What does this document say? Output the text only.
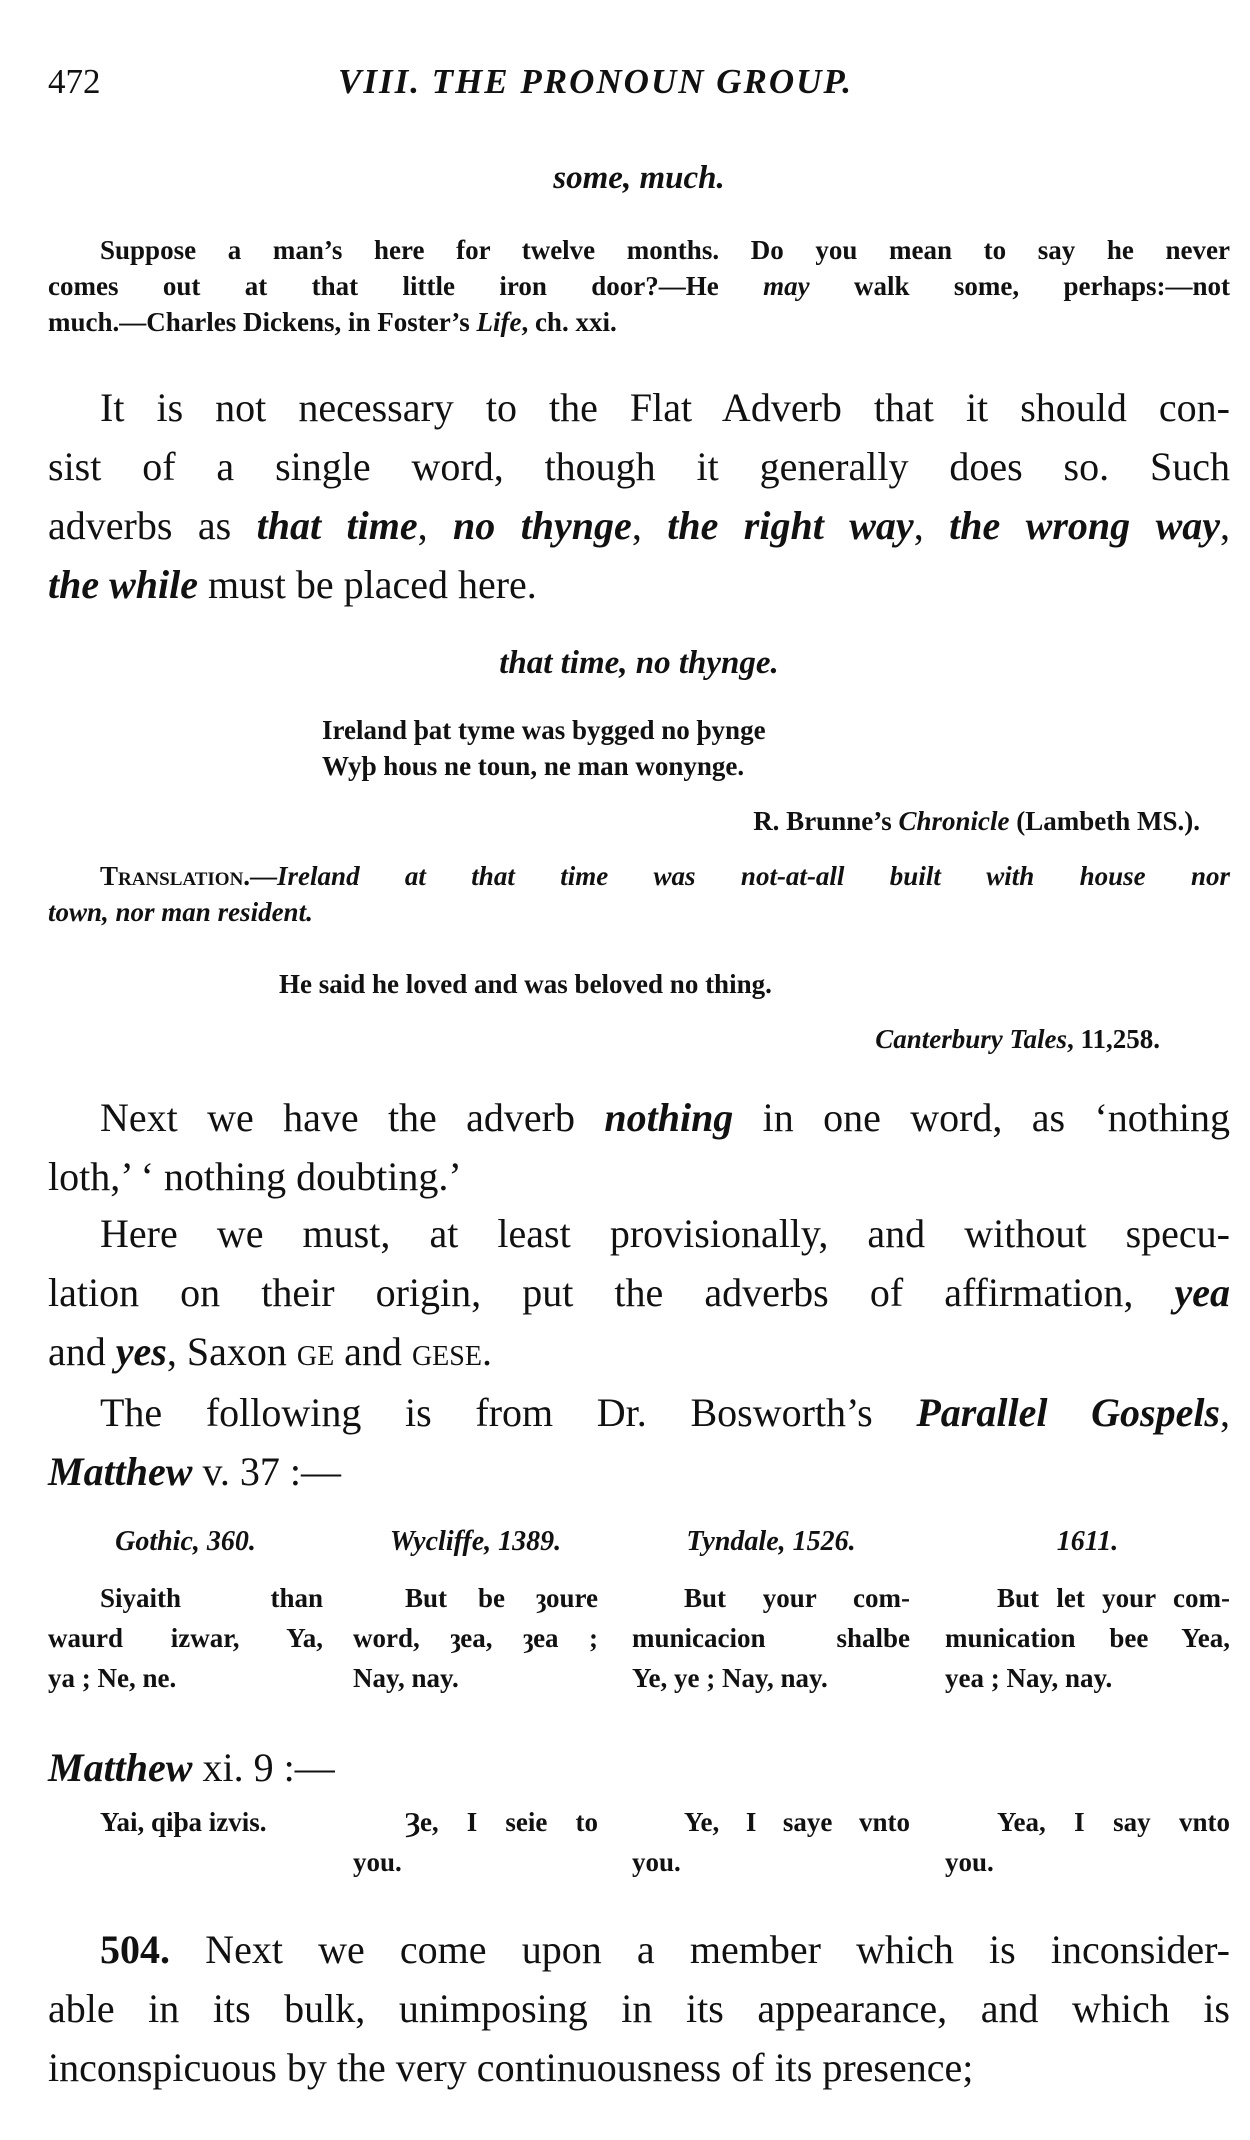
472	VIII. THE PRONOUN GROUP.
some, much.
Suppose a man’s here for twelve months. Do you mean to say he never
comes out at that little iron door?—He may walk some, perhaps:—not
much.—Charles Dickens, in Foster’s Life, ch. xxi.
It is not necessary to the Flat Adverb that it should con-
sist of a single word, though it generally does so. Such
adverbs as that time, no thynge, the right way, the wrong way,
the while must be placed here.
that time, no thynge.
Ireland þat tyme was bygged no þynge
Wyþ hous ne toun, ne man wonynge.
R. Brunne’s Chronicle (Lambeth MS.).
Translation.—Ireland at that time was not-at-all built with house nor
town, nor man resident.
He said he loved and was beloved no thing.
Canterbury Tales, 11,258.
Next we have the adverb nothing in one word, as ‘nothing
loth,’ ‘ nothing doubting.’
Here we must, at least provisionally, and without specu-
lation on their origin, put the adverbs of affirmation, yea
and yes, Saxon ge and gese.
The following is from Dr. Bosworth’s Parallel Gospels,
Matthew v. 37 :—
Gothic, 360.
Siyaith than
waurd izwar, Ya,
ya ; Ne, ne.
Wycliffe, 1389.
But be ȝoure
word, ȝea, ȝea ;
Nay, nay.
Tyndale, 1526.
But your com-
municacion shalbe
Ye, ye ; Nay, nay.
1611.
But let your com-
munication bee Yea,
yea ; Nay, nay.
Matthew xi. 9 :—
Yai, qiþa izvis.	Ȝe, I seie to
you.
Ye, I saye vnto
you.
Yea, I say vnto
you.
504. Next we come upon a member which is inconsider-
able in its bulk, unimposing in its appearance, and which is
inconspicuous by the very continuousness of its presence;
